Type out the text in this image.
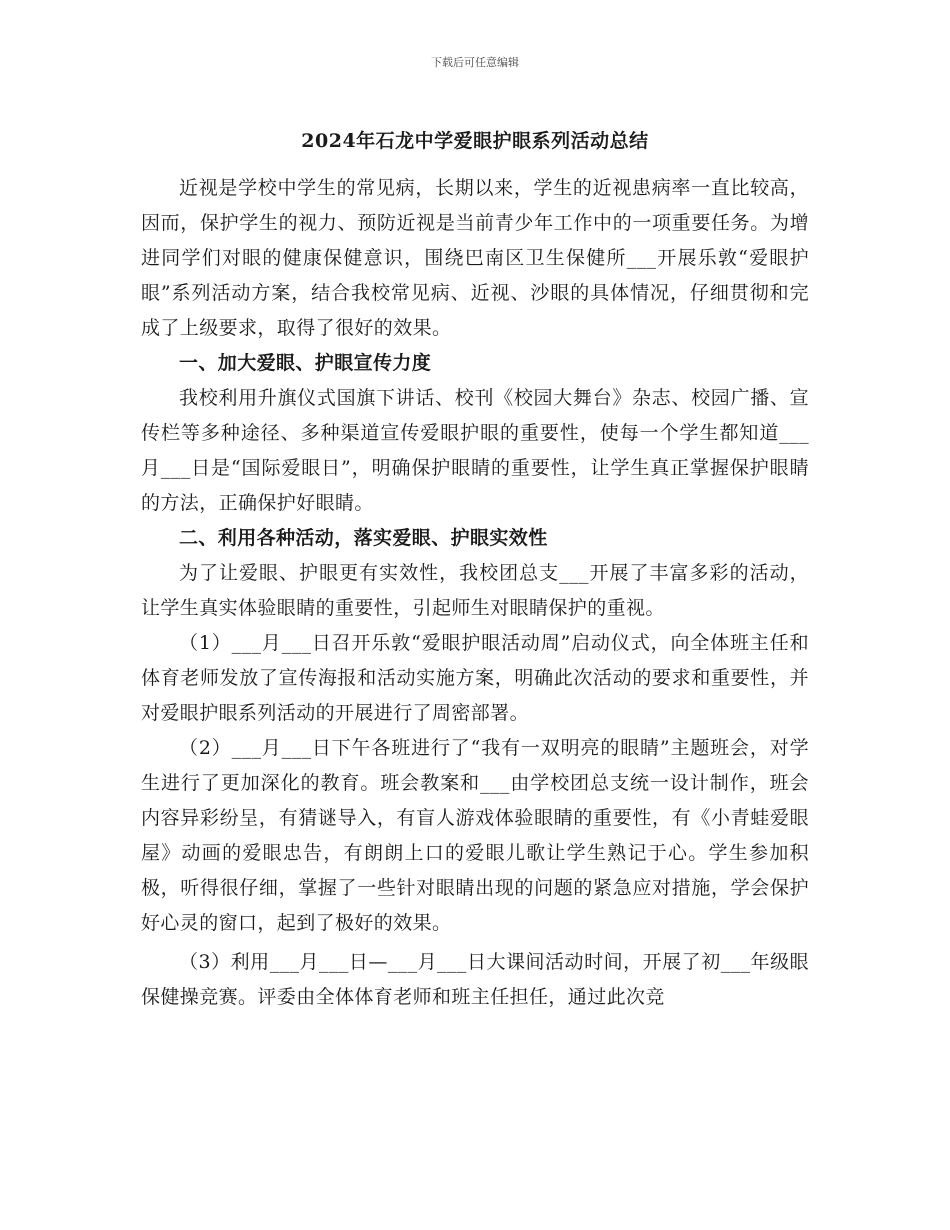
下载后可任意编辑
2024年石龙中学爱眼护眼系列活动总结

近视是学校中学生的常见病，长期以来，学生的近视患病率一直比较高，因而，保护学生的视力、预防近视是当前青少年工作中的一项重要任务。为增进同学们对眼的健康保健意识，围绕巴南区卫生保健所___开展乐敦“爱眼护眼”系列活动方案，结合我校常见病、近视、沙眼的具体情况，仔细贯彻和完成了上级要求，取得了很好的效果。

一、加大爱眼、护眼宣传力度

我校利用升旗仪式国旗下讲话、校刊《校园大舞台》杂志、校园广播、宣传栏等多种途径、多种渠道宣传爱眼护眼的重要性，使每一个学生都知道___月___日是“国际爱眼日”，明确保护眼睛的重要性，让学生真正掌握保护眼睛的方法，正确保护好眼睛。

二、利用各种活动，落实爱眼、护眼实效性

为了让爱眼、护眼更有实效性，我校团总支___开展了丰富多彩的活动，让学生真实体验眼睛的重要性，引起师生对眼睛保护的重视。

（1）___月___日召开乐敦“爱眼护眼活动周”启动仪式，向全体班主任和体育老师发放了宣传海报和活动实施方案，明确此次活动的要求和重要性，并对爱眼护眼系列活动的开展进行了周密部署。

（2）___月___日下午各班进行了“我有一双明亮的眼睛”主题班会，对学生进行了更加深化的教育。班会教案和___由学校团总支统一设计制作，班会内容异彩纷呈，有猜谜导入，有盲人游戏体验眼睛的重要性，有《小青蛙爱眼屋》动画的爱眼忠告，有朗朗上口的爱眼儿歌让学生熟记于心。学生参加积极，听得很仔细，掌握了一些针对眼睛出现的问题的紧急应对措施，学会保护好心灵的窗口，起到了极好的效果。

（3）利用___月___日—___月___日大课间活动时间，开展了初___年级眼保健操竞赛。评委由全体体育老师和班主任担任，通过此次竞
